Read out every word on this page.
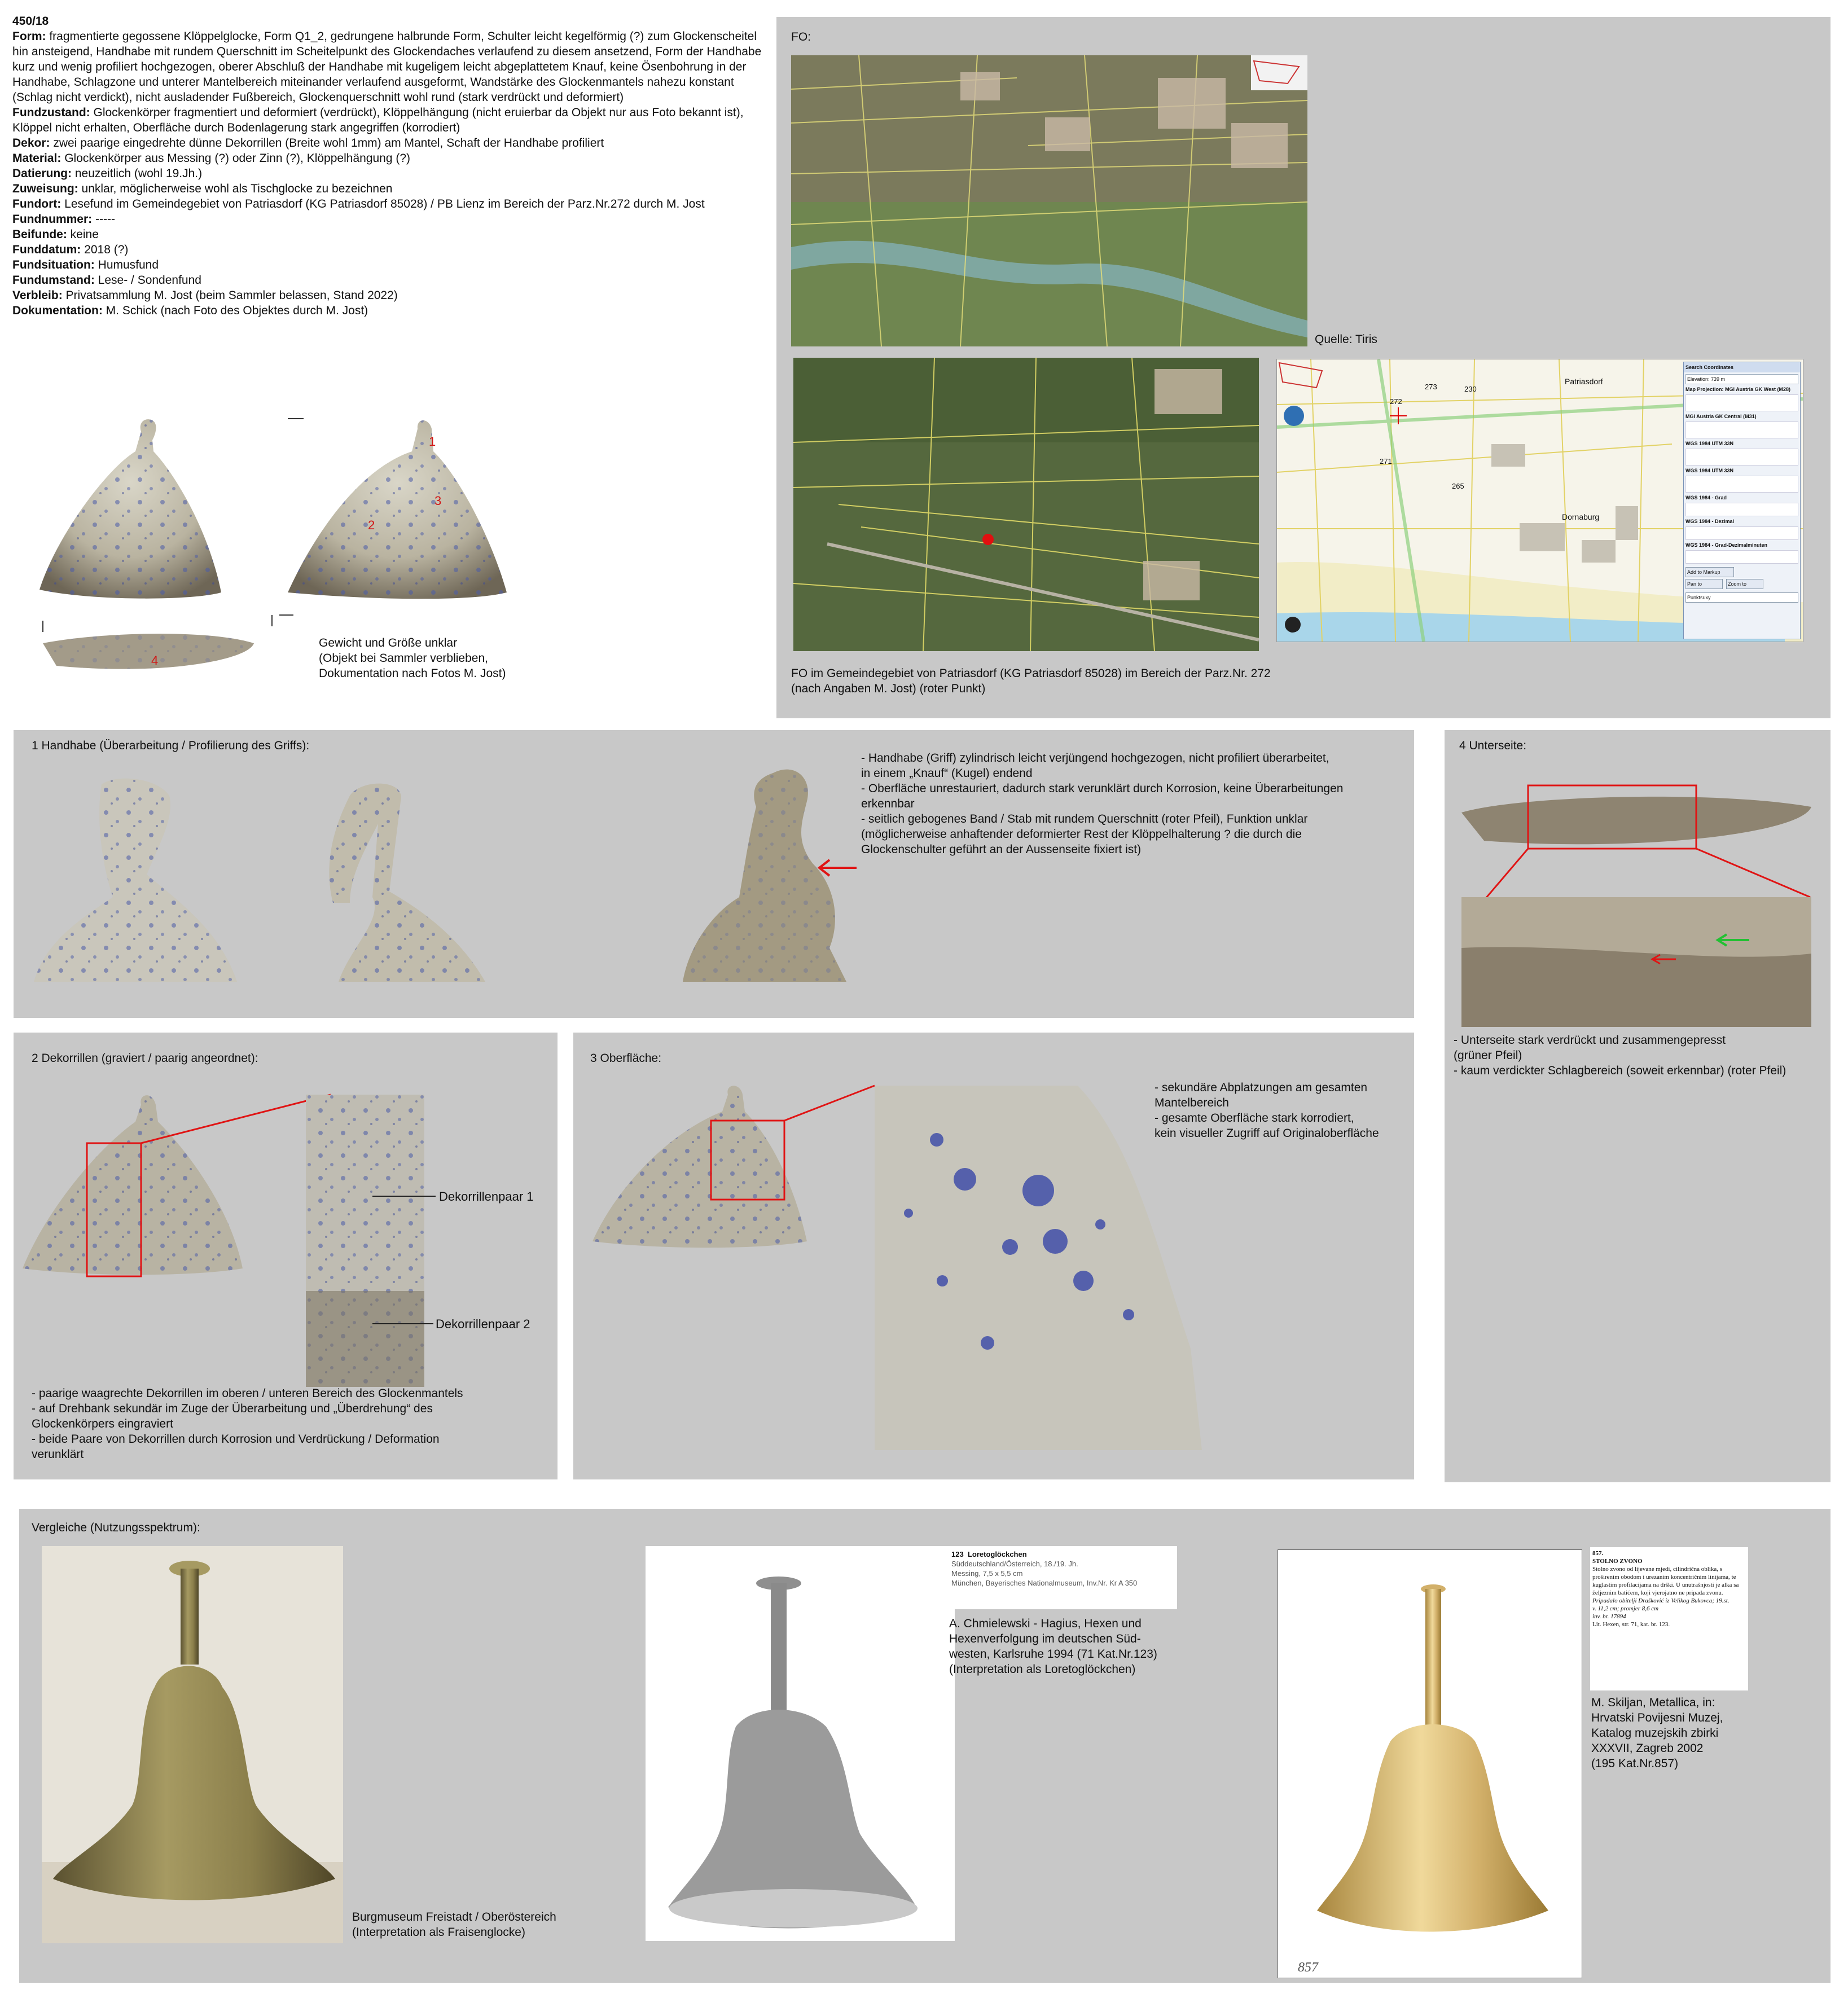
450/18

Form: fragmentierte gegossene Klöppelglocke, Form Q1_2, gedrungene halbrunde Form, Schulter leicht kegelförmig (?) zum Glockenscheitel hin ansteigend, Handhabe mit rundem Querschnitt im Scheitelpunkt des Glockendaches verlaufend zu diesem ansetzend, Form der Handhabe kurz und wenig profiliert hochgezogen, oberer Abschluß der Handhabe mit kugeligem leicht abgeplattetem Knauf, keine Ösenbohrung in der Handhabe, Schlagzone und unterer Mantelbereich miteinander verlaufend ausgeformt, Wandstärke des Glockenmantels nahezu konstant (Schlag nicht verdickt), nicht ausladender Fußbereich, Glockenquerschnitt wohl rund (stark verdrückt und deformiert)

Fundzustand: Glockenkörper fragmentiert und deformiert (verdrückt), Klöppelhängung (nicht eruierbar da Objekt nur aus Foto bekannt ist), Klöppel nicht erhalten, Oberfläche durch Bodenlagerung stark angegriffen (korrodiert)

Dekor: zwei paarige eingedrehte dünne Dekorrillen (Breite wohl 1mm) am Mantel, Schaft der Handhabe profiliert

Material: Glockenkörper aus Messing (?) oder Zinn (?), Klöppelhängung (?)

Datierung: neuzeitlich (wohl 19.Jh.)

Zuweisung: unklar, möglicherweise wohl als Tischglocke zu bezeichnen

Fundort: Lesefund im Gemeindegebiet von Patriasdorf (KG Patriasdorf 85028) / PB Lienz im Bereich der Parz.Nr.272 durch M. Jost

Fundnummer: -----

Beifunde: keine

Funddatum: 2018 (?)

Fundsituation: Humusfund

Fundumstand: Lese- / Sondenfund

Verbleib: Privatsammlung M. Jost (beim Sammler belassen, Stand 2022)

Dokumentation: M. Schick (nach Foto des Objektes durch M. Jost)

1
3
2
4
Gewicht und Größe unklar
(Objekt bei Sammler verblieben,
Dokumentation nach Fotos M. Jost)
FO:
Quelle: Tiris
Patriasdorf
Dornaburg
272
273
271
230
265
Search Coordinates
Elevation: 739 m
Map Projection: MGI Austria GK West (M28)
MGI Austria GK Central (M31)
WGS 1984 UTM 33N
WGS 1984 UTM 33N
WGS 1984 - Grad
WGS 1984 - Dezimal
WGS 1984 - Grad-Dezimalminuten
Add to Markup
Pan to	Zoom to
Punktsuxy
FO im Gemeindegebiet von Patriasdorf (KG Patriasdorf 85028) im Bereich der Parz.Nr. 272
(nach Angaben M. Jost) (roter Punkt)
1 Handhabe (Überarbeitung / Profilierung des Griffs):
- Handhabe (Griff) zylindrisch leicht verjüngend hochgezogen, nicht profiliert überarbeitet,
in einem „Knauf“ (Kugel) endend
- Oberfläche unrestauriert, dadurch stark verunklärt durch Korrosion, keine Überarbeitungen
erkennbar
- seitlich gebogenes Band / Stab mit rundem Querschnitt (roter Pfeil), Funktion unklar
(möglicherweise anhaftender deformierter Rest der Klöppelhalterung ? die durch die
Glockenschulter geführt an der Aussenseite fixiert ist)
4 Unterseite:
- Unterseite stark verdrückt und zusammengepresst
(grüner Pfeil)
- kaum verdickter Schlagbereich (soweit erkennbar) (roter Pfeil)
2 Dekorrillen (graviert / paarig angeordnet):
Dekorrillenpaar 1
Dekorrillenpaar 2
- paarige waagrechte Dekorrillen im oberen / unteren Bereich des Glockenmantels
- auf Drehbank sekundär im Zuge der Überarbeitung und „Überdrehung“ des
Glockenkörpers eingraviert
- beide Paare von Dekorrillen durch Korrosion und Verdrückung / Deformation
verunklärt
3 Oberfläche:
- sekundäre Abplatzungen am gesamten
Mantelbereich
- gesamte Oberfläche stark korrodiert,
kein visueller Zugriff auf Originaloberfläche
Vergleiche (Nutzungsspektrum):
Burgmuseum Freistadt / Oberöstereich
(Interpretation als Fraisenglocke)
123 Loretoglöckchen
Süddeutschland/Österreich, 18./19. Jh.
Messing, 7,5 x 5,5 cm
München, Bayerisches Nationalmuseum, Inv.Nr. Kr A 350
A. Chmielewski - Hagius, Hexen und
Hexenverfolgung im deutschen Süd-
westen, Karlsruhe 1994 (71 Kat.Nr.123)
(Interpretation als Loretoglöckchen)
857
857.
STOLNO ZVONO
Stolno zvono od lijevane mjedi, cilindrična oblika, s proširenim obodom i urezanim koncentričnim linijama, te kuglastim profilacijama na drški. U unutrašnjosti je alka sa željeznim batićem, koji vjerojatno ne pripada zvonu.
Pripadalo obitelji Drašković iz Velikog Bukovca; 19.st.
v. 11,2 cm; promjer 8,6 cm
inv. br. 17894
Lit. Hexen, str. 71, kat. br. 123.
M. Skiljan, Metallica, in:
Hrvatski Povijesni Muzej,
Katalog muzejskih zbirki
XXXVII, Zagreb 2002
(195 Kat.Nr.857)
